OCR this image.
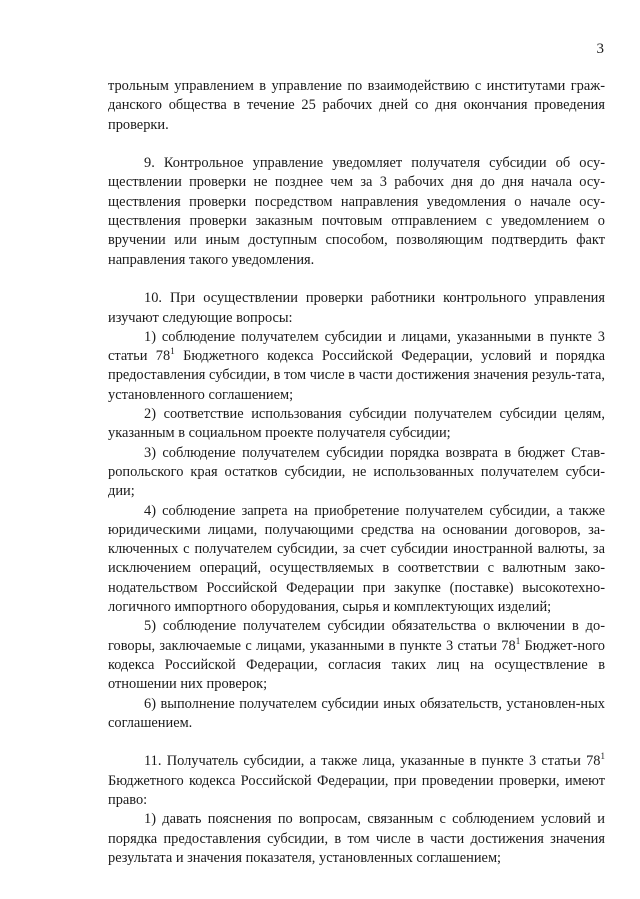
3

трольным управлением в управление по взаимодействию с институтами граж-данского общества в течение 25 рабочих дней со дня окончания проведения проверки.

9. Контрольное управление уведомляет получателя субсидии об осу-ществлении проверки не позднее чем за 3 рабочих дня до дня начала осу-ществления проверки посредством направления уведомления о начале осу-ществления проверки заказным почтовым отправлением с уведомлением о вручении или иным доступным способом, позволяющим подтвердить факт направления такого уведомления.

10. При осуществлении проверки работники контрольного управления изучают следующие вопросы:

1) соблюдение получателем субсидии и лицами, указанными в пункте 3 статьи $78^1$ Бюджетного кодекса Российской Федерации, условий и порядка предоставления субсидии, в том числе в части достижения значения резуль-тата, установленного соглашением;

2) соответствие использования субсидии получателем субсидии целям, указанным в социальном проекте получателя субсидии;

3) соблюдение получателем субсидии порядка возврата в бюджет Став-ропольского края остатков субсидии, не использованных получателем субси-дии;

4) соблюдение запрета на приобретение получателем субсидии, а также юридическими лицами, получающими средства на основании договоров, за-ключенных с получателем субсидии, за счет субсидии иностранной валюты, за исключением операций, осуществляемых в соответствии с валютным зако-нодательством Российской Федерации при закупке (поставке) высокотехно-логичного импортного оборудования, сырья и комплектующих изделий;

5) соблюдение получателем субсидии обязательства о включении в до-говоры, заключаемые с лицами, указанными в пункте 3 статьи $78^1$ Бюджет-ного кодекса Российской Федерации, согласия таких лиц на осуществление в отношении них проверок;

6) выполнение получателем субсидии иных обязательств, установлен-ных соглашением.

11. Получатель субсидии, а также лица, указанные в пункте 3 статьи $78^1$ Бюджетного кодекса Российской Федерации, при проведении проверки, имеют право:

1) давать пояснения по вопросам, связанным с соблюдением условий и порядка предоставления субсидии, в том числе в части достижения значения результата и значения показателя, установленных соглашением;
